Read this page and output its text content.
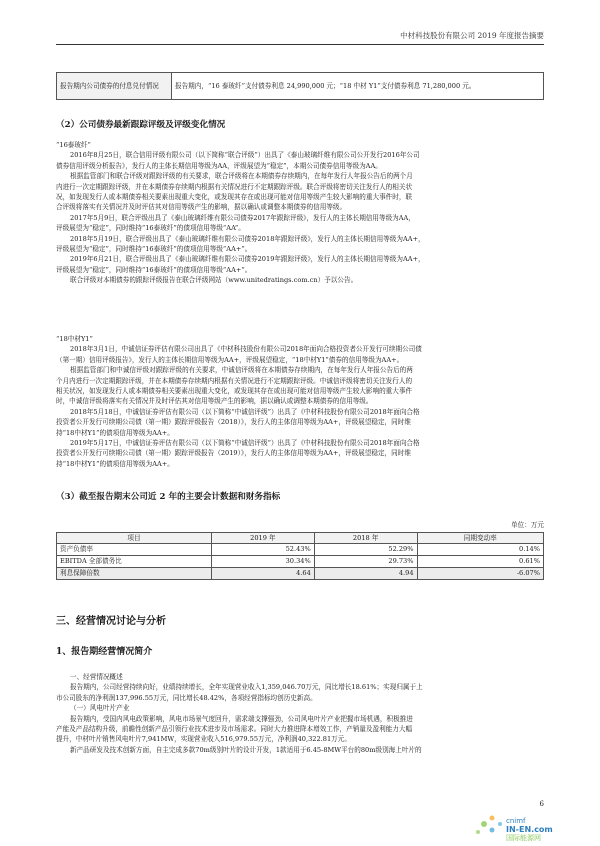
中材科技股份有限公司 2019 年度报告摘要
报告期内公司债券的付息兑付情况	报告期内，“16 泰玻纤”支付债券利息 24,990,000 元；“18 中材 Y1”支付债券利息 71,280,000 元。
（2）公司债券最新跟踪评级及评级变化情况
“16泰玻纤”
2016年8月25日，联合信用评级有限公司（以下简称“联合评级”）出具了《泰山玻璃纤维有限公司公开发行2016年公司
债券信用评级分析报告》，发行人的主体长期信用等级为AA，评级展望为“稳定”，本期公司债券信用等级为AA。
根据监管部门和联合评级对跟踪评级的有关要求，联合评级将在本期债券存续期内，在每年发行人年报公告后的两个月
内进行一次定期跟踪评级，并在本期债券存续期内根据有关情况进行不定期跟踪评级。联合评级将密切关注发行人的相关状
况，如发现发行人或本期债券相关要素出现重大变化，或发现其存在或出现可能对信用等级产生较大影响的重大事件时，联
合评级将落实有关情况并及时评估其对信用等级产生的影响，据以确认或调整本期债券的信用等级。
2017年5月9日，联合评级出具了《泰山玻璃纤维有限公司债券2017年跟踪评级》，发行人的主体长期信用等级为AA，
评级展望为“稳定”，同时维持“16泰玻纤”的债项信用等级“AA”。
2018年5月19日，联合评级出具了《泰山玻璃纤维有限公司债券2018年跟踪评级》，发行人的主体长期信用等级为AA+，
评级展望为“稳定”，同时维持“16泰玻纤”的债项信用等级“AA+”。
2019年6月21日，联合评级出具了《泰山玻璃纤维有限公司债券2019年跟踪评级》，发行人的主体长期信用等级为AA+，
评级展望为“稳定”，同时维持“16泰玻纤”的债项信用等级“AA+”。
联合评级对本期债券的跟踪评级报告在联合评级网站（www.unitedratings.com.cn）予以公告。
“18中材Y1”
2018年3月1日，中诚信证券评估有限公司出具了《中材科技股份有限公司2018年面向合格投资者公开发行可续期公司债
（第一期）信用评级报告》，发行人的主体长期信用等级为AA+，评级展望稳定，“18中材Y1”债券的信用等级为AA+。
根据监管部门和中诚信评级对跟踪评级的有关要求，中诚信评级将在本期债券存续期内，在每年发行人年报公告后的两
个月内进行一次定期跟踪评级，并在本期债券存续期内根据有关情况进行不定期跟踪评级。中诚信评级将密切关注发行人的
相关状况，如发现发行人或本期债券相关要素出现重大变化，或发现其存在或出现可能对信用等级产生较大影响的重大事件
时，中诚信评级将落实有关情况并及时评估其对信用等级产生的影响，据以确认或调整本期债券的信用等级。
2018年5月18日，中诚信证券评估有限公司（以下简称“中诚信评级”）出具了《中材科技股份有限公司2018年面向合格
投资者公开发行可续期公司债（第一期）跟踪评级报告（2018）》，发行人的主体信用等级为AA+，评级展望稳定，同时维
持“18中材Y1”的债项信用等级为AA+。
2019年5月17日，中诚信证券评估有限公司（以下简称“中诚信评级”）出具了《中材科技股份有限公司2018年面向合格
投资者公开发行可续期公司债（第一期）跟踪评级报告（2019）》，发行人的主体信用等级为AA+，评级展望稳定，同时维
持“18中材Y1”的债项信用等级为AA+。
（3）截至报告期末公司近 2 年的主要会计数据和财务指标
单位：万元
项目	2019 年	2018 年	同期变动率
资产负债率	52.43%	52.29%	0.14%
EBITDA 全部债务比	30.34%	29.73%	0.61%
利息保障倍数	4.64	4.94	-6.07%
三、经营情况讨论与分析
1、报告期经营情况简介
一、经营情况概述
报告期内，公司经营持续向好，业绩持续增长，全年实现营业收入1,359,046.70万元，同比增长18.61%；实现归属于上
市公司股东的净利润137,996.55万元，同比增长48.42%，各项经营指标均创历史新高。
（一）风电叶片产业
报告期内，受国内风电政策影响，风电市场景气度回升，需求端支撑强劲，公司风电叶片产业把握市场机遇，积极推进
产能及产品结构升级，前瞻性创新产品引领行业技术进步及市场需求。同时大力推进降本增效工作，产销量及盈利能力大幅
提升，中材叶片销售风电叶片7,941MW，实现营业收入516,979.55万元，净利润40,322.81万元。
新产品研发及技术创新方面，自主完成多款70m级别叶片的设计开发，1款适用于6.45-8MW平台的80m级别海上叶片的
6
cnimf
IN-EN.com
国际能源网
